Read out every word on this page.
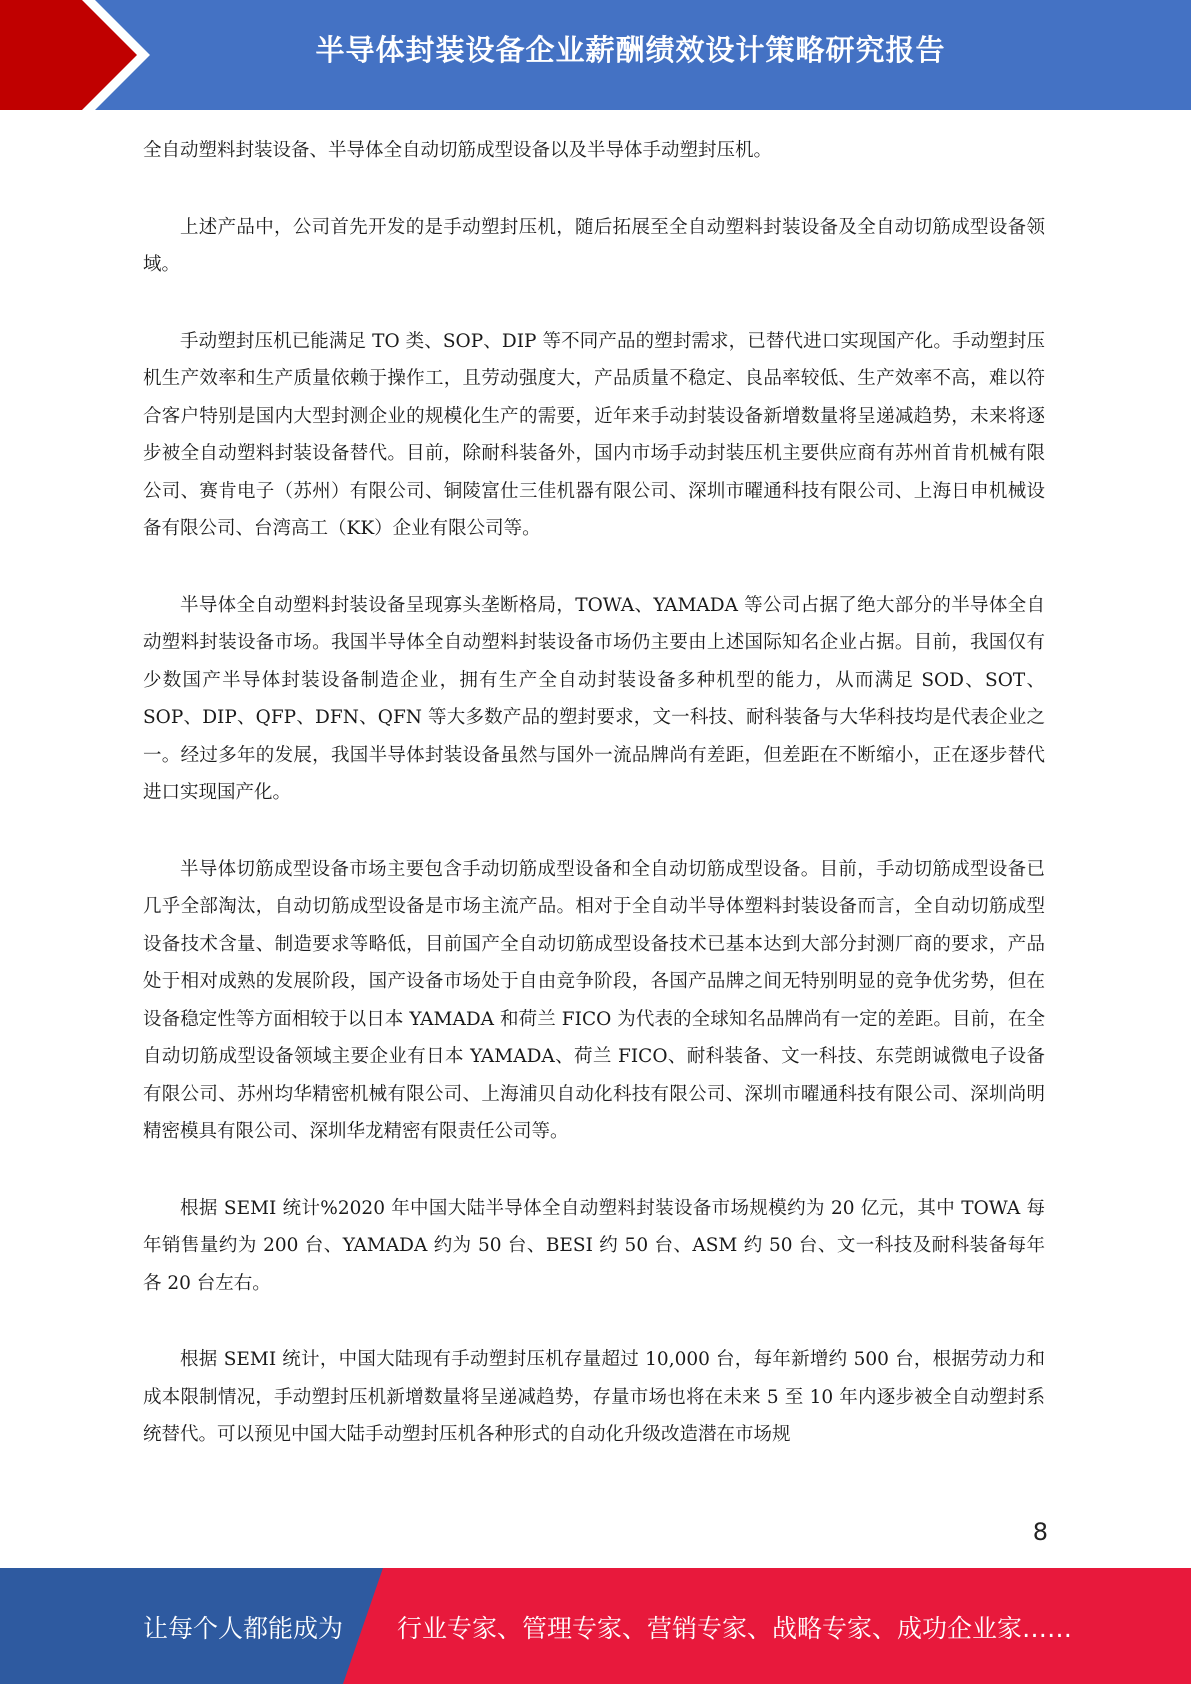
半导体封装设备企业薪酬绩效设计策略研究报告

全自动塑料封装设备、半导体全自动切筋成型设备以及半导体手动塑封压机。

上述产品中，公司首先开发的是手动塑封压机，随后拓展至全自动塑料封装设备及全自动切筋成型设备领域。

手动塑封压机已能满足 TO 类、SOP、DIP 等不同产品的塑封需求，已替代进口实现国产化。手动塑封压机生产效率和生产质量依赖于操作工，且劳动强度大，产品质量不稳定、良品率较低、生产效率不高，难以符合客户特别是国内大型封测企业的规模化生产的需要，近年来手动封装设备新增数量将呈递减趋势，未来将逐步被全自动塑料封装设备替代。目前，除耐科装备外，国内市场手动封装压机主要供应商有苏州首肯机械有限公司、赛肯电子（苏州）有限公司、铜陵富仕三佳机器有限公司、深圳市曜通科技有限公司、上海日申机械设备有限公司、台湾高工（KK）企业有限公司等。

半导体全自动塑料封装设备呈现寡头垄断格局，TOWA、YAMADA 等公司占据了绝大部分的半导体全自动塑料封装设备市场。我国半导体全自动塑料封装设备市场仍主要由上述国际知名企业占据。目前，我国仅有少数国产半导体封装设备制造企业，拥有生产全自动封装设备多种机型的能力，从而满足 SOD、SOT、SOP、DIP、QFP、DFN、QFN 等大多数产品的塑封要求，文一科技、耐科装备与大华科技均是代表企业之一。经过多年的发展，我国半导体封装设备虽然与国外一流品牌尚有差距，但差距在不断缩小，正在逐步替代进口实现国产化。

半导体切筋成型设备市场主要包含手动切筋成型设备和全自动切筋成型设备。目前，手动切筋成型设备已几乎全部淘汰，自动切筋成型设备是市场主流产品。相对于全自动半导体塑料封装设备而言，全自动切筋成型设备技术含量、制造要求等略低，目前国产全自动切筋成型设备技术已基本达到大部分封测厂商的要求，产品处于相对成熟的发展阶段，国产设备市场处于自由竞争阶段，各国产品牌之间无特别明显的竞争优劣势，但在设备稳定性等方面相较于以日本 YAMADA 和荷兰 FICO 为代表的全球知名品牌尚有一定的差距。目前，在全自动切筋成型设备领域主要企业有日本 YAMADA、荷兰 FICO、耐科装备、文一科技、东莞朗诚微电子设备有限公司、苏州均华精密机械有限公司、上海浦贝自动化科技有限公司、深圳市曜通科技有限公司、深圳尚明精密模具有限公司、深圳华龙精密有限责任公司等。

根据 SEMI 统计%2020 年中国大陆半导体全自动塑料封装设备市场规模约为 20 亿元，其中 TOWA 每年销售量约为 200 台、YAMADA 约为 50 台、BESI 约 50 台、ASM 约 50 台、文一科技及耐科装备每年各 20 台左右。

根据 SEMI 统计，中国大陆现有手动塑封压机存量超过 10,000 台，每年新增约 500 台，根据劳动力和成本限制情况，手动塑封压机新增数量将呈递减趋势，存量市场也将在未来 5 至 10 年内逐步被全自动塑封系统替代。可以预见中国大陆手动塑封压机各种形式的自动化升级改造潜在市场规

8
让每个人都能成为 行业专家、管理专家、营销专家、战略专家、成功企业家……
